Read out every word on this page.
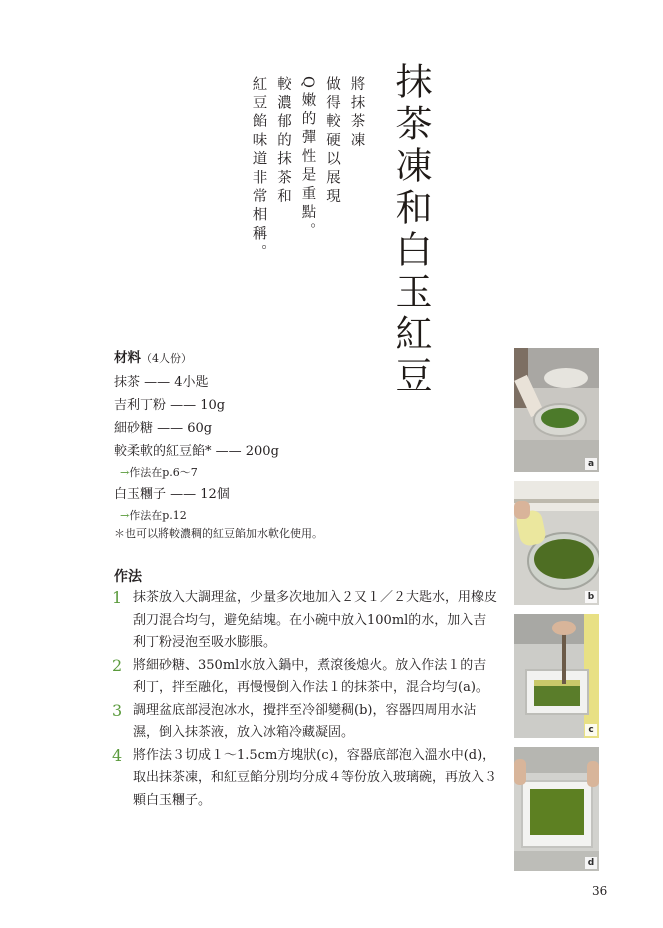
抹茶凍和白玉紅豆
將抹茶凍
做得較硬以展現
Q嫩的彈性是重點。
較濃郁的抹茶和
紅豆餡味道非常相稱。
材料（4人份）
抹茶 —— 4小匙
吉利丁粉 —— 10g
細砂糖 —— 60g
較柔軟的紅豆餡* —— 200g
→作法在p.6～7
白玉糰子 —— 12個
→作法在p.12
＊也可以將較濃稠的紅豆餡加水軟化使用。
作法
1 抹茶放入大調理盆，少量多次地加入２又１／２大匙水，用橡皮刮刀混合均勻，避免結塊。在小碗中放入100ml的水，加入吉利丁粉浸泡至吸水膨脹。
2 將細砂糖、350ml水放入鍋中，煮滾後熄火。放入作法１的吉利丁，拌至融化，再慢慢倒入作法１的抹茶中，混合均勻(a)。
3 調理盆底部浸泡冰水，攪拌至冷卻變稠(b)，容器四周用水沾濕，倒入抹茶液，放入冰箱冷藏凝固。
4 將作法３切成１～1.5cm方塊狀(c)，容器底部泡入溫水中(d)，取出抹茶凍，和紅豆餡分別均分成４等份放入玻璃碗，再放入３顆白玉糰子。
a
b
c
d
36
